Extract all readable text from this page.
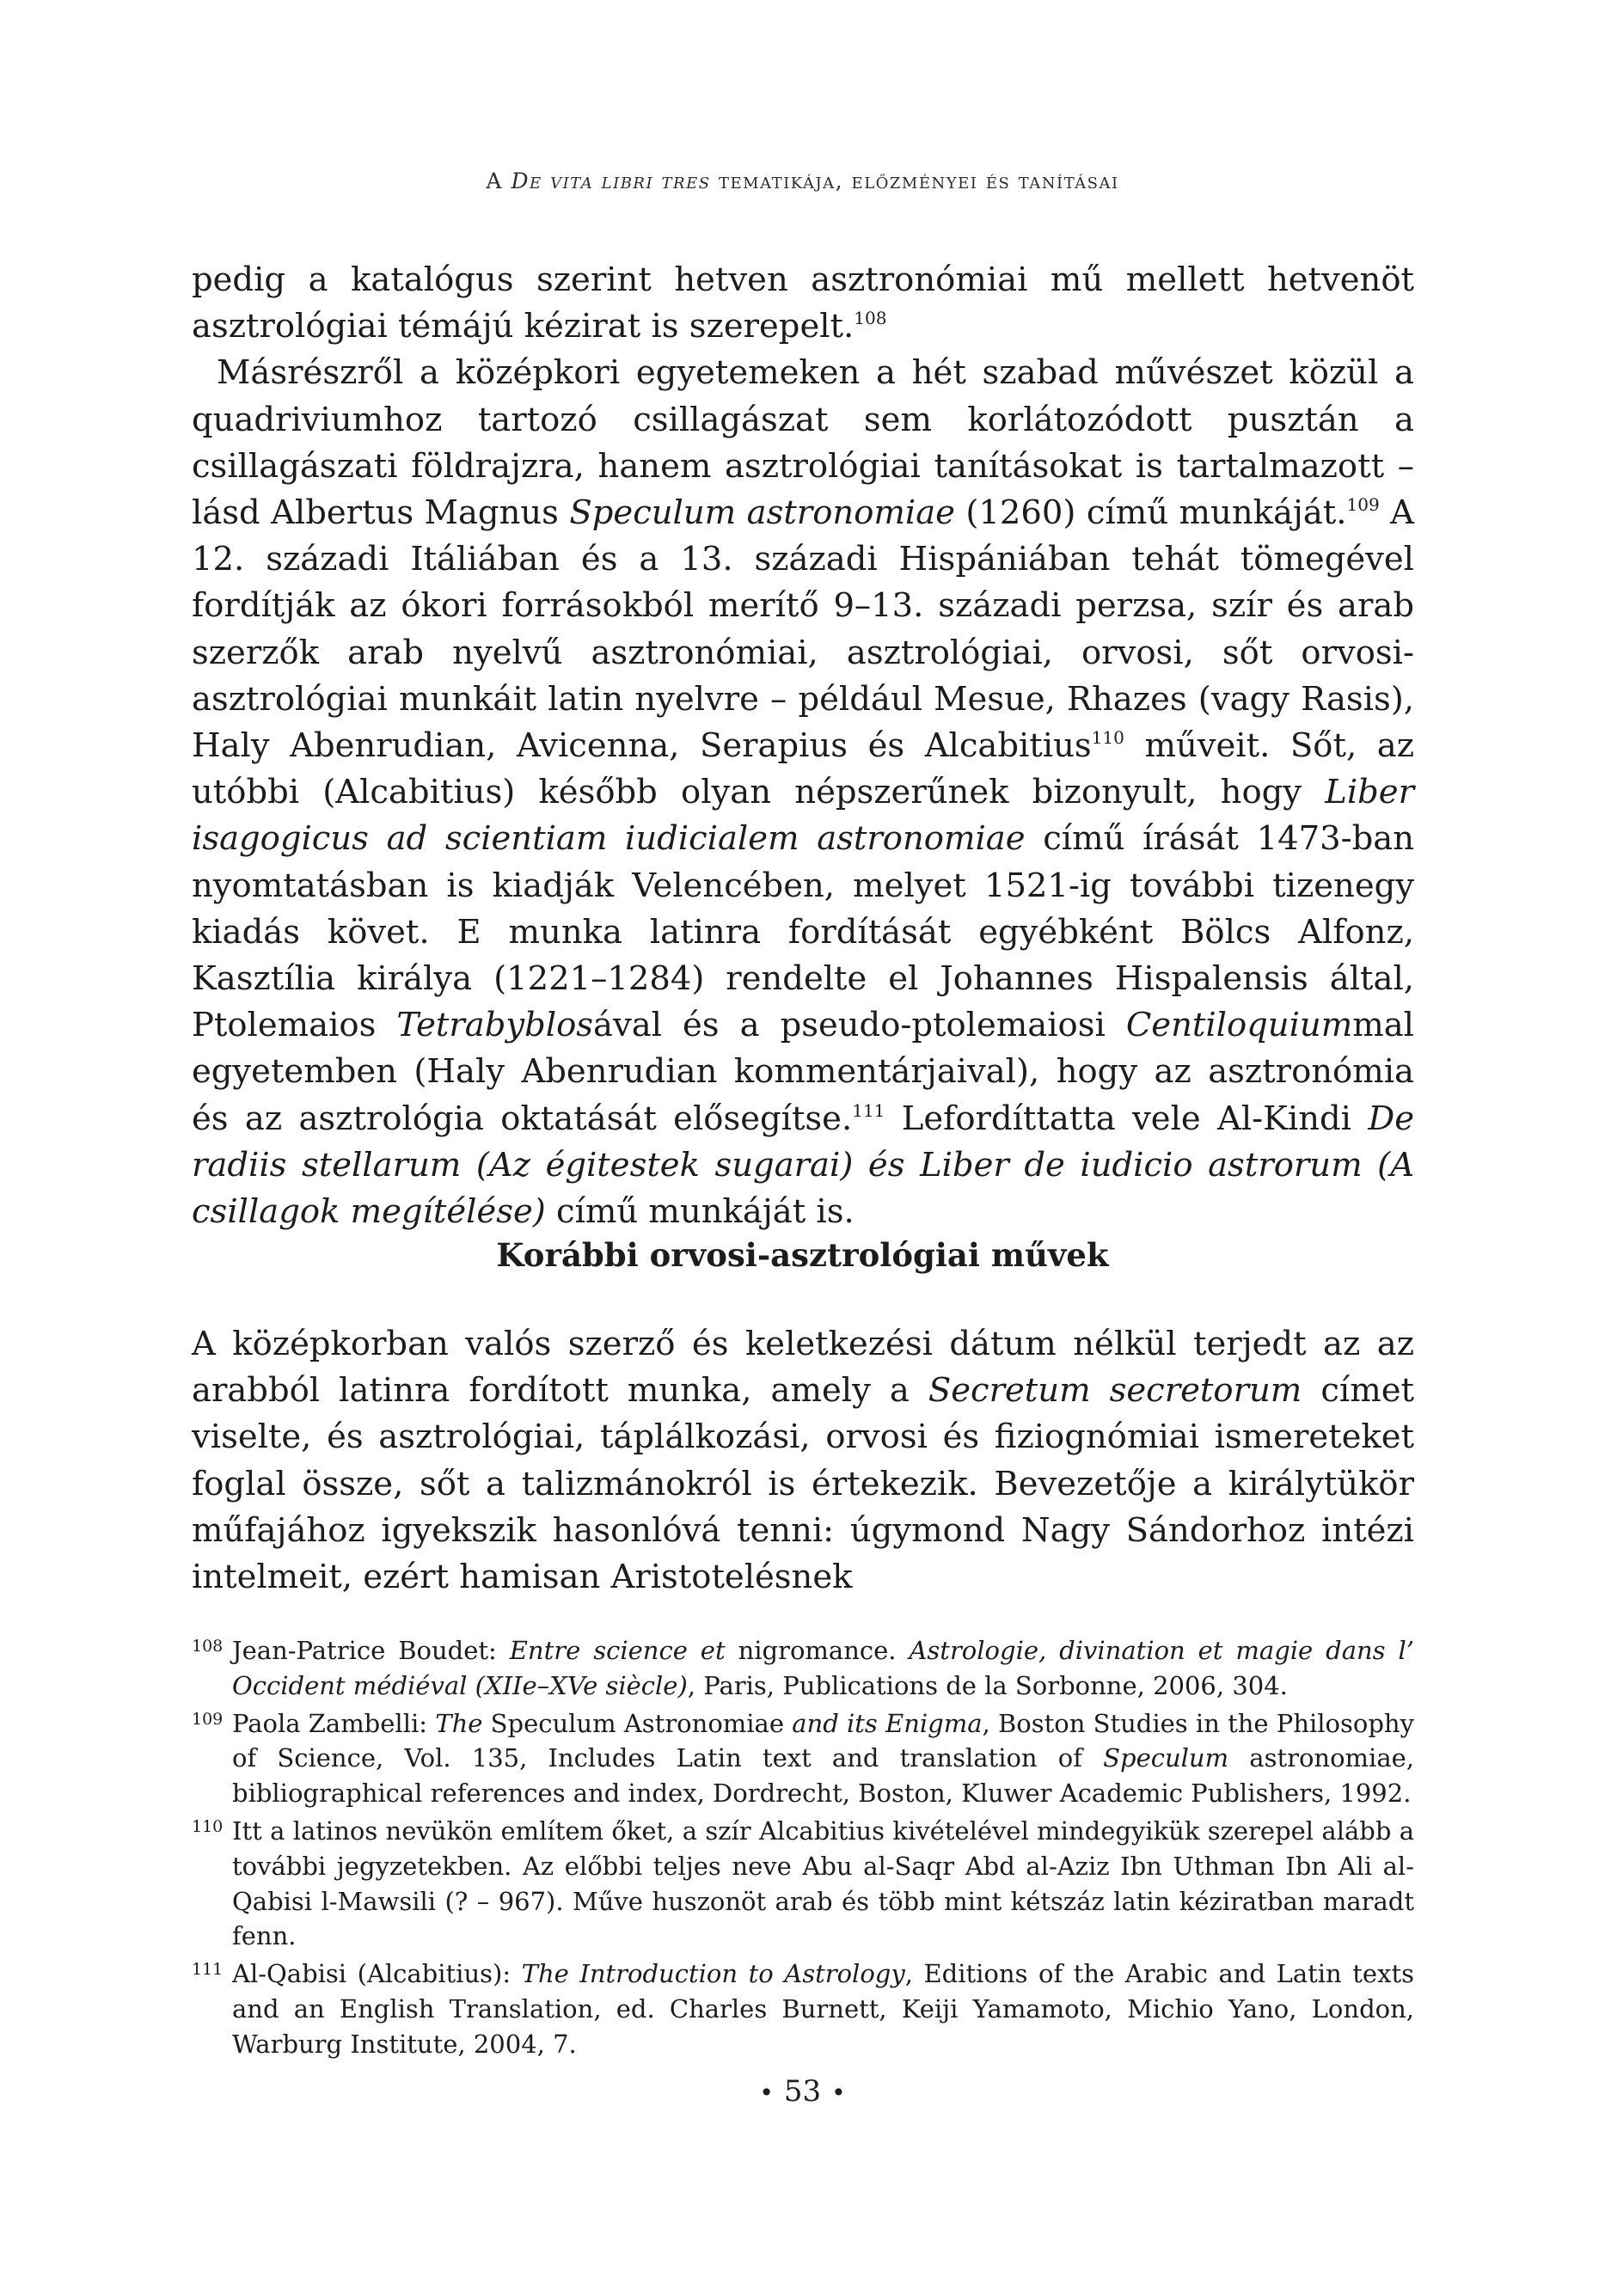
A De vita libri tres tematikája, előzményei és tanításai

pedig a katalógus szerint hetven asztronómiai mű mellett hetvenöt asztrológiai témájú kézirat is szerepelt.$^{108}$

Másrészről a középkori egyetemeken a hét szabad művészet közül a quadriviumhoz tartozó csillagászat sem korlátozódott pusztán a csillagászati földrajzra, hanem asztrológiai tanításokat is tartalmazott – lásd Albertus Magnus Speculum astronomiae (1260) című munkáját.$^{109}$ A 12. századi Itáliában és a 13. századi Hispániában tehát tömegével fordítják az ókori forrásokból merítő 9–13. századi perzsa, szír és arab szerzők arab nyelvű asztronómiai, asztrológiai, orvosi, sőt orvosi-asztrológiai munkáit latin nyelvre – például Mesue, Rhazes (vagy Rasis), Haly Abenrudian, Avicenna, Serapius és Alcabitius$^{110}$ műveit. Sőt, az utóbbi (Alcabitius) később olyan népszerűnek bizonyult, hogy Liber isagogicus ad scientiam iudicialem astronomiae című írását 1473-ban nyomtatásban is kiadják Velencében, melyet 1521-ig további tizenegy kiadás követ. E munka latinra fordítását egyébként Bölcs Alfonz, Kasztília királya (1221–1284) rendelte el Johannes Hispalensis által, Ptolemaios Tetrabyblosával és a pseudo-ptolemaiosi Centiloquiummal egyetemben (Haly Abenrudian kommentárjaival), hogy az asztronómia és az asztrológia oktatását elősegítse.$^{111}$ Lefordíttatta vele Al-Kindi De radiis stellarum (Az égitestek sugarai) és Liber de iudicio astrorum (A csillagok megítélése) című munkáját is.

Korábbi orvosi-asztrológiai művek

A középkorban valós szerző és keletkezési dátum nélkül terjedt az az arabból latinra fordított munka, amely a Secretum secretorum címet viselte, és asztrológiai, táplálkozási, orvosi és fiziognómiai ismereteket foglal össze, sőt a talizmánokról is értekezik. Bevezetője a királytükör műfajához igyekszik hasonlóvá tenni: úgymond Nagy Sándorhoz intézi intelmeit, ezért hamisan Aristotelésnek

108 Jean-Patrice Boudet: Entre science et nigromance. Astrologie, divination et magie dans l’ Occident médiéval (XIIe–XVe siècle), Paris, Publications de la Sorbonne, 2006, 304.
109 Paola Zambelli: The Speculum Astronomiae and its Enigma, Boston Studies in the Philosophy of Science, Vol. 135, Includes Latin text and translation of Speculum astronomiae, bibliographical references and index, Dordrecht, Boston, Kluwer Academic Publishers, 1992.
110 Itt a latinos nevükön említem őket, a szír Alcabitius kivételével mindegyikük szerepel alább a további jegyzetekben. Az előbbi teljes neve Abu al-Saqr Abd al-Aziz Ibn Uthman Ibn Ali al-Qabisi l-Mawsili (? – 967). Műve huszonöt arab és több mint kétszáz latin kéziratban maradt fenn.
111 Al-Qabisi (Alcabitius): The Introduction to Astrology, Editions of the Arabic and Latin texts and an English Translation, ed. Charles Burnett, Keiji Yamamoto, Michio Yano, London, Warburg Institute, 2004, 7.
• 53 •
